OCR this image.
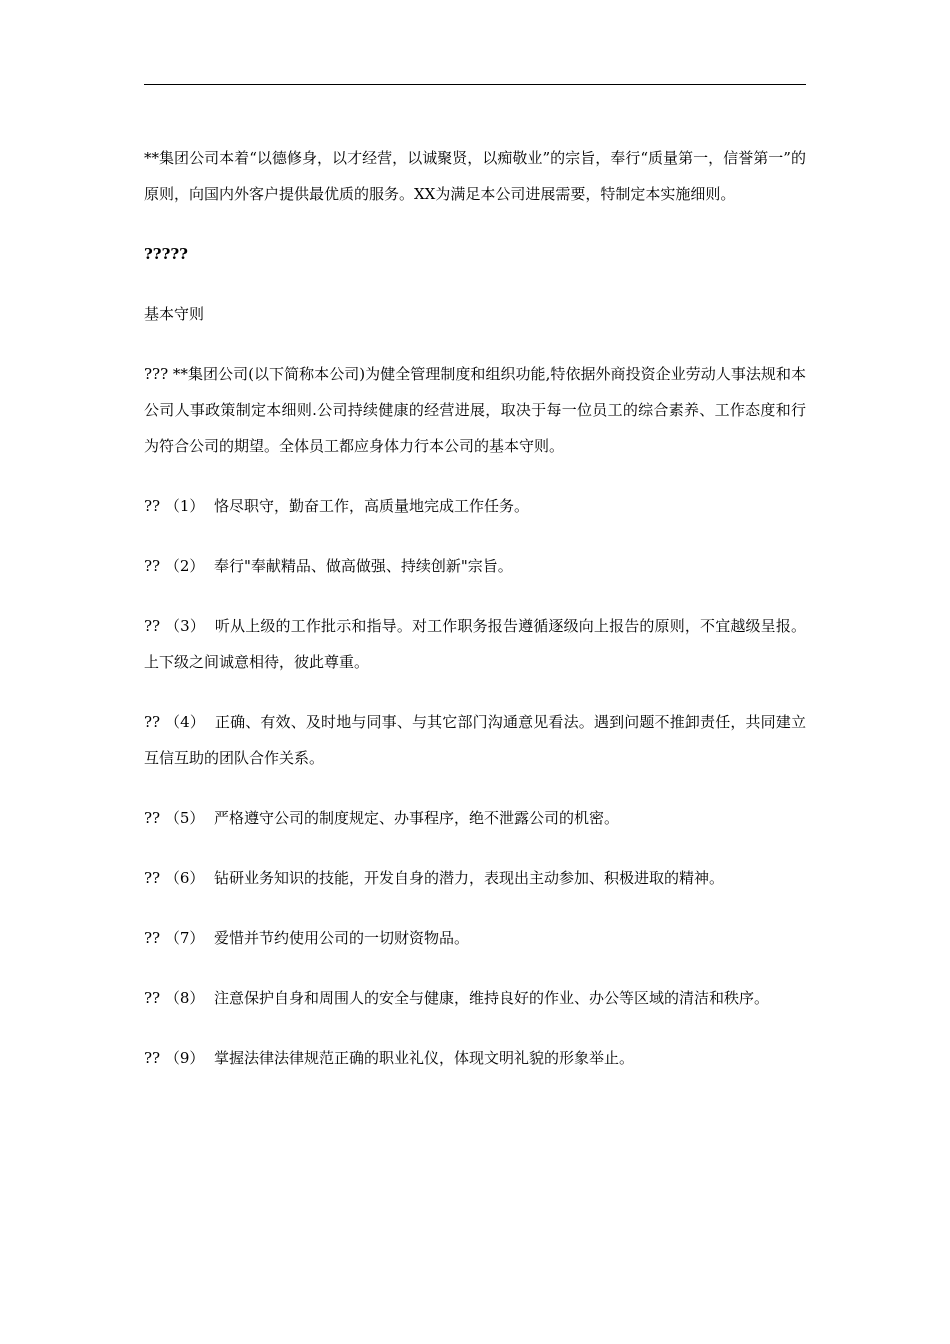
**集团公司本着“以德修身，以才经营，以诚聚贤，以痴敬业”的宗旨，奉行“质量第一，信誉第一”的原则，向国内外客户提供最优质的服务。XX为满足本公司进展需要，特制定本实施细则。

?????

基本守则

??? **集团公司(以下简称本公司)为健全管理制度和组织功能,特依据外商投资企业劳动人事法规和本公司人事政策制定本细则.公司持续健康的经营进展，取决于每一位员工的综合素养、工作态度和行为符合公司的期望。全体员工都应身体力行本公司的基本守则。

?? （1）  恪尽职守，勤奋工作，高质量地完成工作任务。

?? （2）  奉行"奉献精品、做高做强、持续创新"宗旨。

?? （3）  听从上级的工作批示和指导。对工作职务报告遵循逐级向上报告的原则，不宜越级呈报。上下级之间诚意相待，彼此尊重。

?? （4）  正确、有效、及时地与同事、与其它部门沟通意见看法。遇到问题不推卸责任，共同建立互信互助的团队合作关系。

?? （5）  严格遵守公司的制度规定、办事程序，绝不泄露公司的机密。

?? （6）  钻研业务知识的技能，开发自身的潜力，表现出主动参加、积极进取的精神。

?? （7）  爱惜并节约使用公司的一切财资物品。

?? （8）  注意保护自身和周围人的安全与健康，维持良好的作业、办公等区域的清洁和秩序。

?? （9）  掌握法律法律规范正确的职业礼仪，体现文明礼貌的形象举止。
